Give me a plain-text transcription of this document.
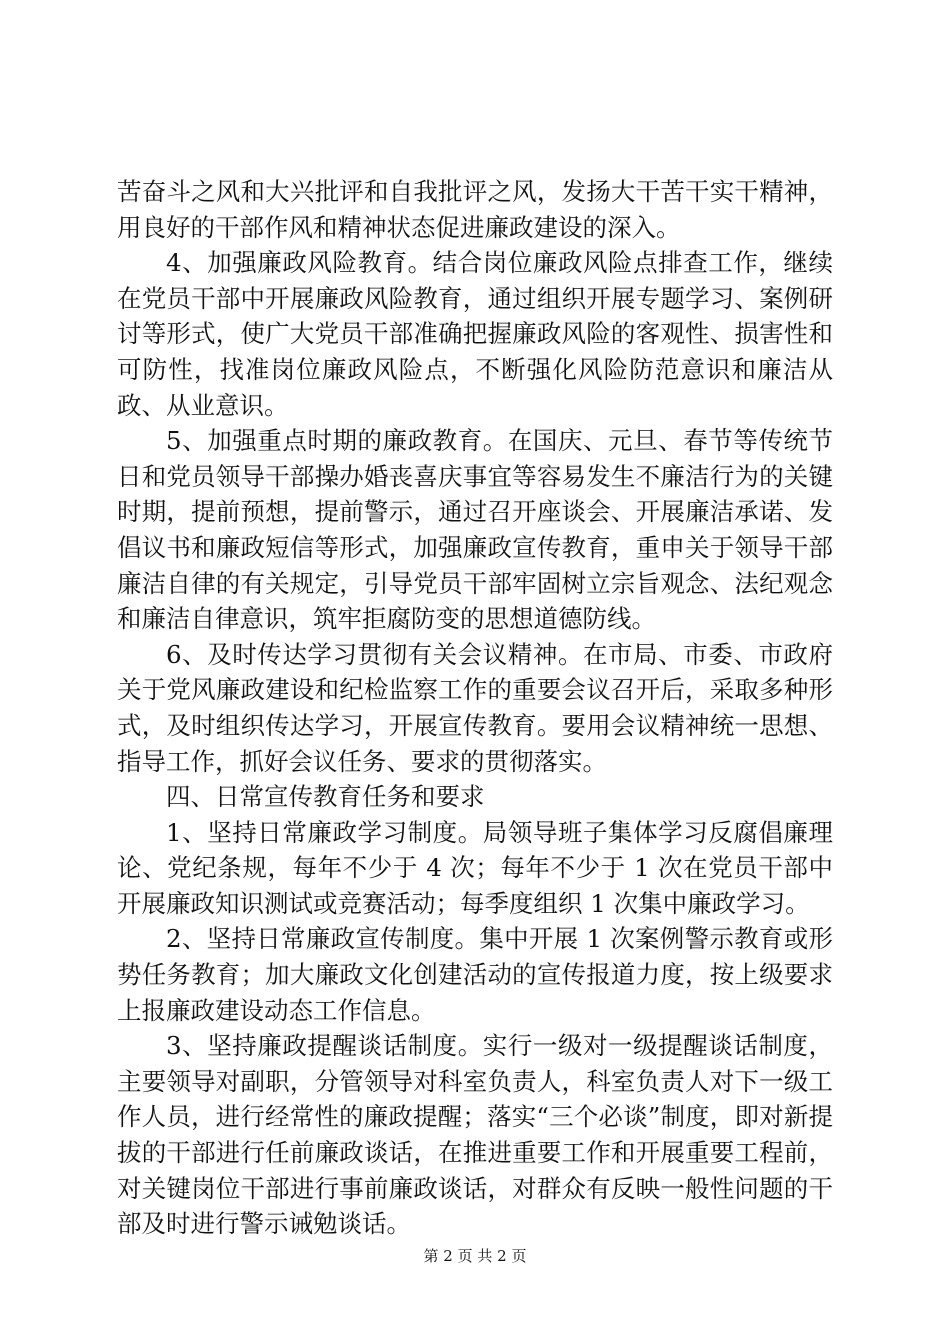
苦奋斗之风和大兴批评和自我批评之风，发扬大干苦干实干精神，用良好的干部作风和精神状态促进廉政建设的深入。

4、加强廉政风险教育。结合岗位廉政风险点排查工作，继续在党员干部中开展廉政风险教育，通过组织开展专题学习、案例研讨等形式，使广大党员干部准确把握廉政风险的客观性、损害性和可防性，找准岗位廉政风险点，不断强化风险防范意识和廉洁从政、从业意识。

5、加强重点时期的廉政教育。在国庆、元旦、春节等传统节日和党员领导干部操办婚丧喜庆事宜等容易发生不廉洁行为的关键时期，提前预想，提前警示，通过召开座谈会、开展廉洁承诺、发倡议书和廉政短信等形式，加强廉政宣传教育，重申关于领导干部廉洁自律的有关规定，引导党员干部牢固树立宗旨观念、法纪观念和廉洁自律意识，筑牢拒腐防变的思想道德防线。

6、及时传达学习贯彻有关会议精神。在市局、市委、市政府关于党风廉政建设和纪检监察工作的重要会议召开后，采取多种形式，及时组织传达学习，开展宣传教育。要用会议精神统一思想、指导工作，抓好会议任务、要求的贯彻落实。

四、日常宣传教育任务和要求

1、坚持日常廉政学习制度。局领导班子集体学习反腐倡廉理论、党纪条规，每年不少于 4 次；每年不少于 1 次在党员干部中开展廉政知识测试或竞赛活动；每季度组织 1 次集中廉政学习。

2、坚持日常廉政宣传制度。集中开展 1 次案例警示教育或形势任务教育；加大廉政文化创建活动的宣传报道力度，按上级要求上报廉政建设动态工作信息。

3、坚持廉政提醒谈话制度。实行一级对一级提醒谈话制度，主要领导对副职，分管领导对科室负责人，科室负责人对下一级工作人员，进行经常性的廉政提醒；落实“三个必谈”制度，即对新提拔的干部进行任前廉政谈话，在推进重要工作和开展重要工程前，对关键岗位干部进行事前廉政谈话，对群众有反映一般性问题的干部及时进行警示诫勉谈话。

第 2 页 共 2 页
